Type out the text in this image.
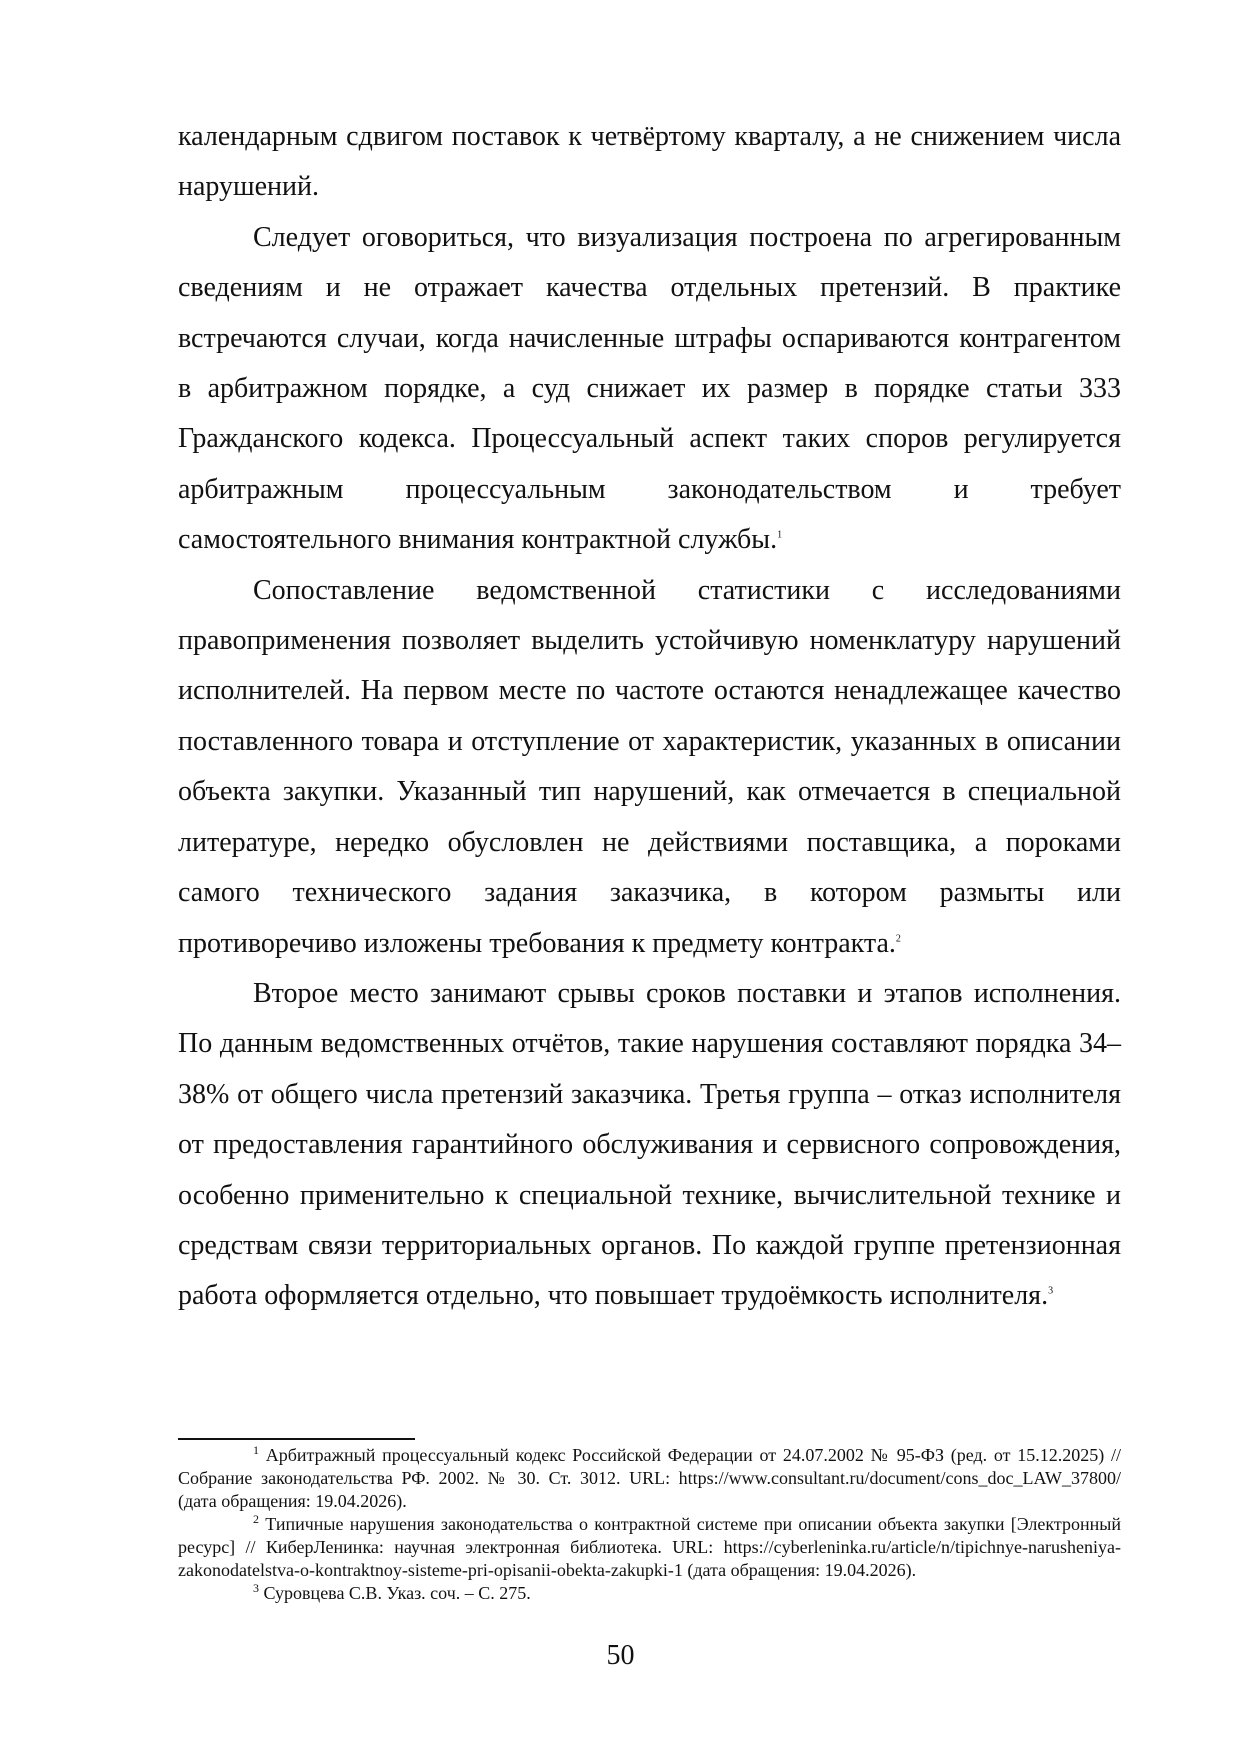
календарным сдвигом поставок к четвёртому кварталу, а не снижением числа нарушений.

Следует оговориться, что визуализация построена по агрегированным сведениям и не отражает качества отдельных претензий. В практике встречаются случаи, когда начисленные штрафы оспариваются контрагентом в арбитражном порядке, а суд снижает их размер в порядке статьи 333 Гражданского кодекса. Процессуальный аспект таких споров регулируется арбитражным процессуальным законодательством и требует самостоятельного внимания контрактной службы.$^1$

Сопоставление ведомственной статистики с исследованиями правоприменения позволяет выделить устойчивую номенклатуру нарушений исполнителей. На первом месте по частоте остаются ненадлежащее качество поставленного товара и отступление от характеристик, указанных в описании объекта закупки. Указанный тип нарушений, как отмечается в специальной литературе, нередко обусловлен не действиями поставщика, а пороками самого технического задания заказчика, в котором размыты или противоречиво изложены требования к предмету контракта.$^2$

Второе место занимают срывы сроков поставки и этапов исполнения. По данным ведомственных отчётов, такие нарушения составляют порядка 34–38% от общего числа претензий заказчика. Третья группа – отказ исполнителя от предоставления гарантийного обслуживания и сервисного сопровождения, особенно применительно к специальной технике, вычислительной технике и средствам связи территориальных органов. По каждой группе претензионная работа оформляется отдельно, что повышает трудоёмкость исполнителя.$^3$

$^1$ Арбитражный процессуальный кодекс Российской Федерации от 24.07.2002 № 95-ФЗ (ред. от 15.12.2025) // Собрание законодательства РФ. 2002. № 30. Ст. 3012. URL: https://www.consultant.ru/document/cons_doc_LAW_37800/ (дата обращения: 19.04.2026).

$^2$ Типичные нарушения законодательства о контрактной системе при описании объекта закупки [Электронный ресурс] // КиберЛенинка: научная электронная библиотека. URL: https://cyberleninka.ru/article/n/tipichnye-narusheniya-zakonodatelstva-o-kontraktnoy-sisteme-pri-opisanii-obekta-zakupki-1 (дата обращения: 19.04.2026).

$^3$ Суровцева С.В. Указ. соч. – С. 275.

50
